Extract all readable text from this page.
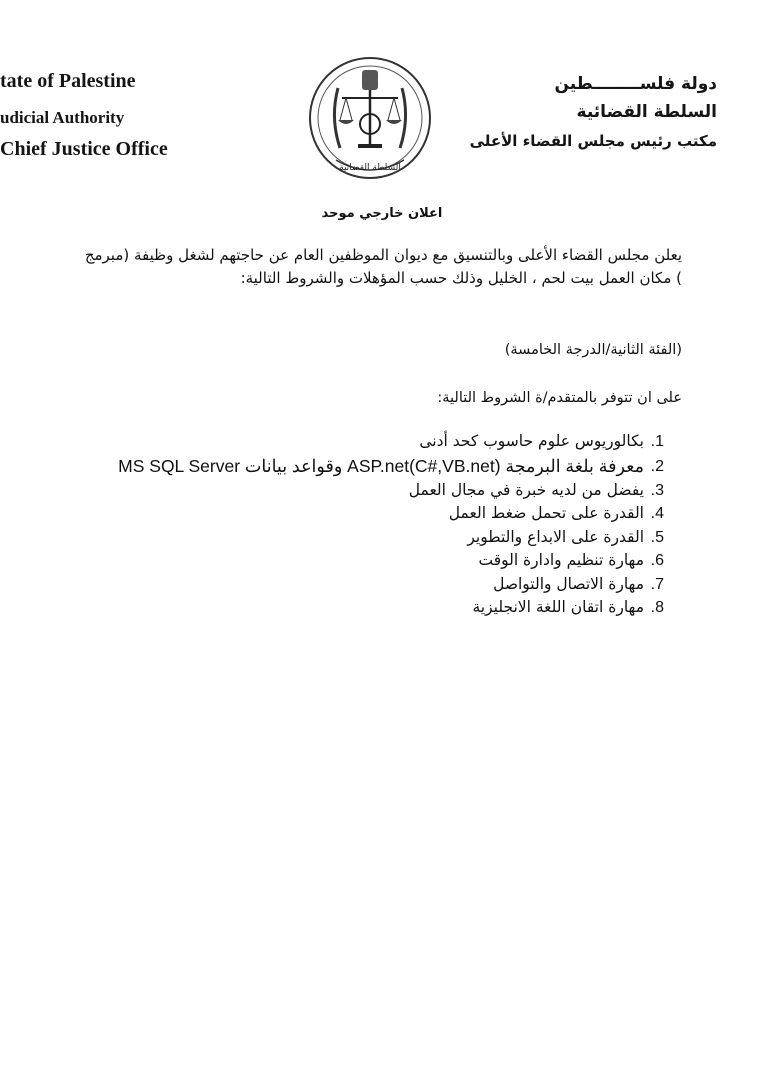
tate of Palestine
udicial Authority
Chief Justice Office
السلطة القضائية
دولة فلســــــــطين
السلطة القضائية
مكتب رئيس مجلس القضاء الأعلى
اعلان خارجي موحد
يعلن مجلس القضاء الأعلى وبالتنسيق مع ديوان الموظفين العام عن حاجتهم لشغل وظيفة (مبرمج ) مكان العمل بيت لحم ، الخليل وذلك حسب المؤهلات والشروط التالية:
(الفئة الثانية/الدرجة الخامسة)
على ان تتوفر بالمتقدم/ة الشروط التالية:
1.
بكالوريوس علوم حاسوب كحد أدنى
2.
معرفة بلغة البرمجة (ASP.net(C#,VB.net وقواعد بيانات MS SQL Server
3.
يفضل من لديه خبرة في مجال العمل
4.
القدرة على تحمل ضغط العمل
5.
القدرة على الابداع والتطوير
6.
مهارة تنظيم وادارة الوقت
7.
مهارة الاتصال والتواصل
8.
مهارة اتقان اللغة الانجليزية
